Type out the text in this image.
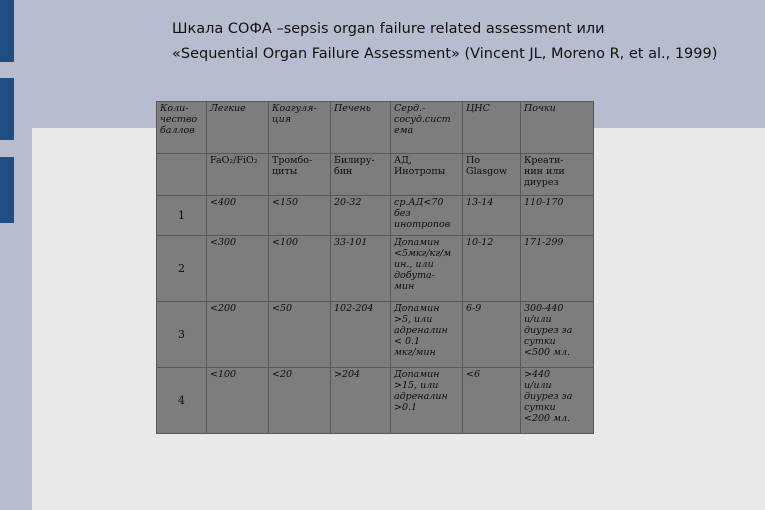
Шкала СОФА –sepsis organ failure related assessment или

«Sequential Organ Failure Assessment» (Vincent JL, Moreno R, et al., 1999)
Коли-
чество
баллов	Легкие	Коагуля-
ция	Печень	Серд.-
сосуд.сист
ема	ЦНС	Почки
	FaO₂/FiO₂	Тромбо-
циты	Билиру-
бин	АД,
Инотропы	По
Glasgow	Креати-
нин или
диурез
1	<400	<150	20-32	ср.АД<70
без
инотропов	13-14	110-170
2	<300	<100	33-101	Допамин
<5мкг/кг/м
ин., или
добута-
мин	10-12	171-299
3	<200	<50	102-204	Допамин
>5, или
адреналин
< 0.1
мкг/мин	6-9	300-440
и/или
диурез за
сутки
<500 мл.
4	<100	<20	>204	Допамин
>15, или
адреналин
>0.1	<6	>440
и/или
диурез за
сутки
<200 мл.
